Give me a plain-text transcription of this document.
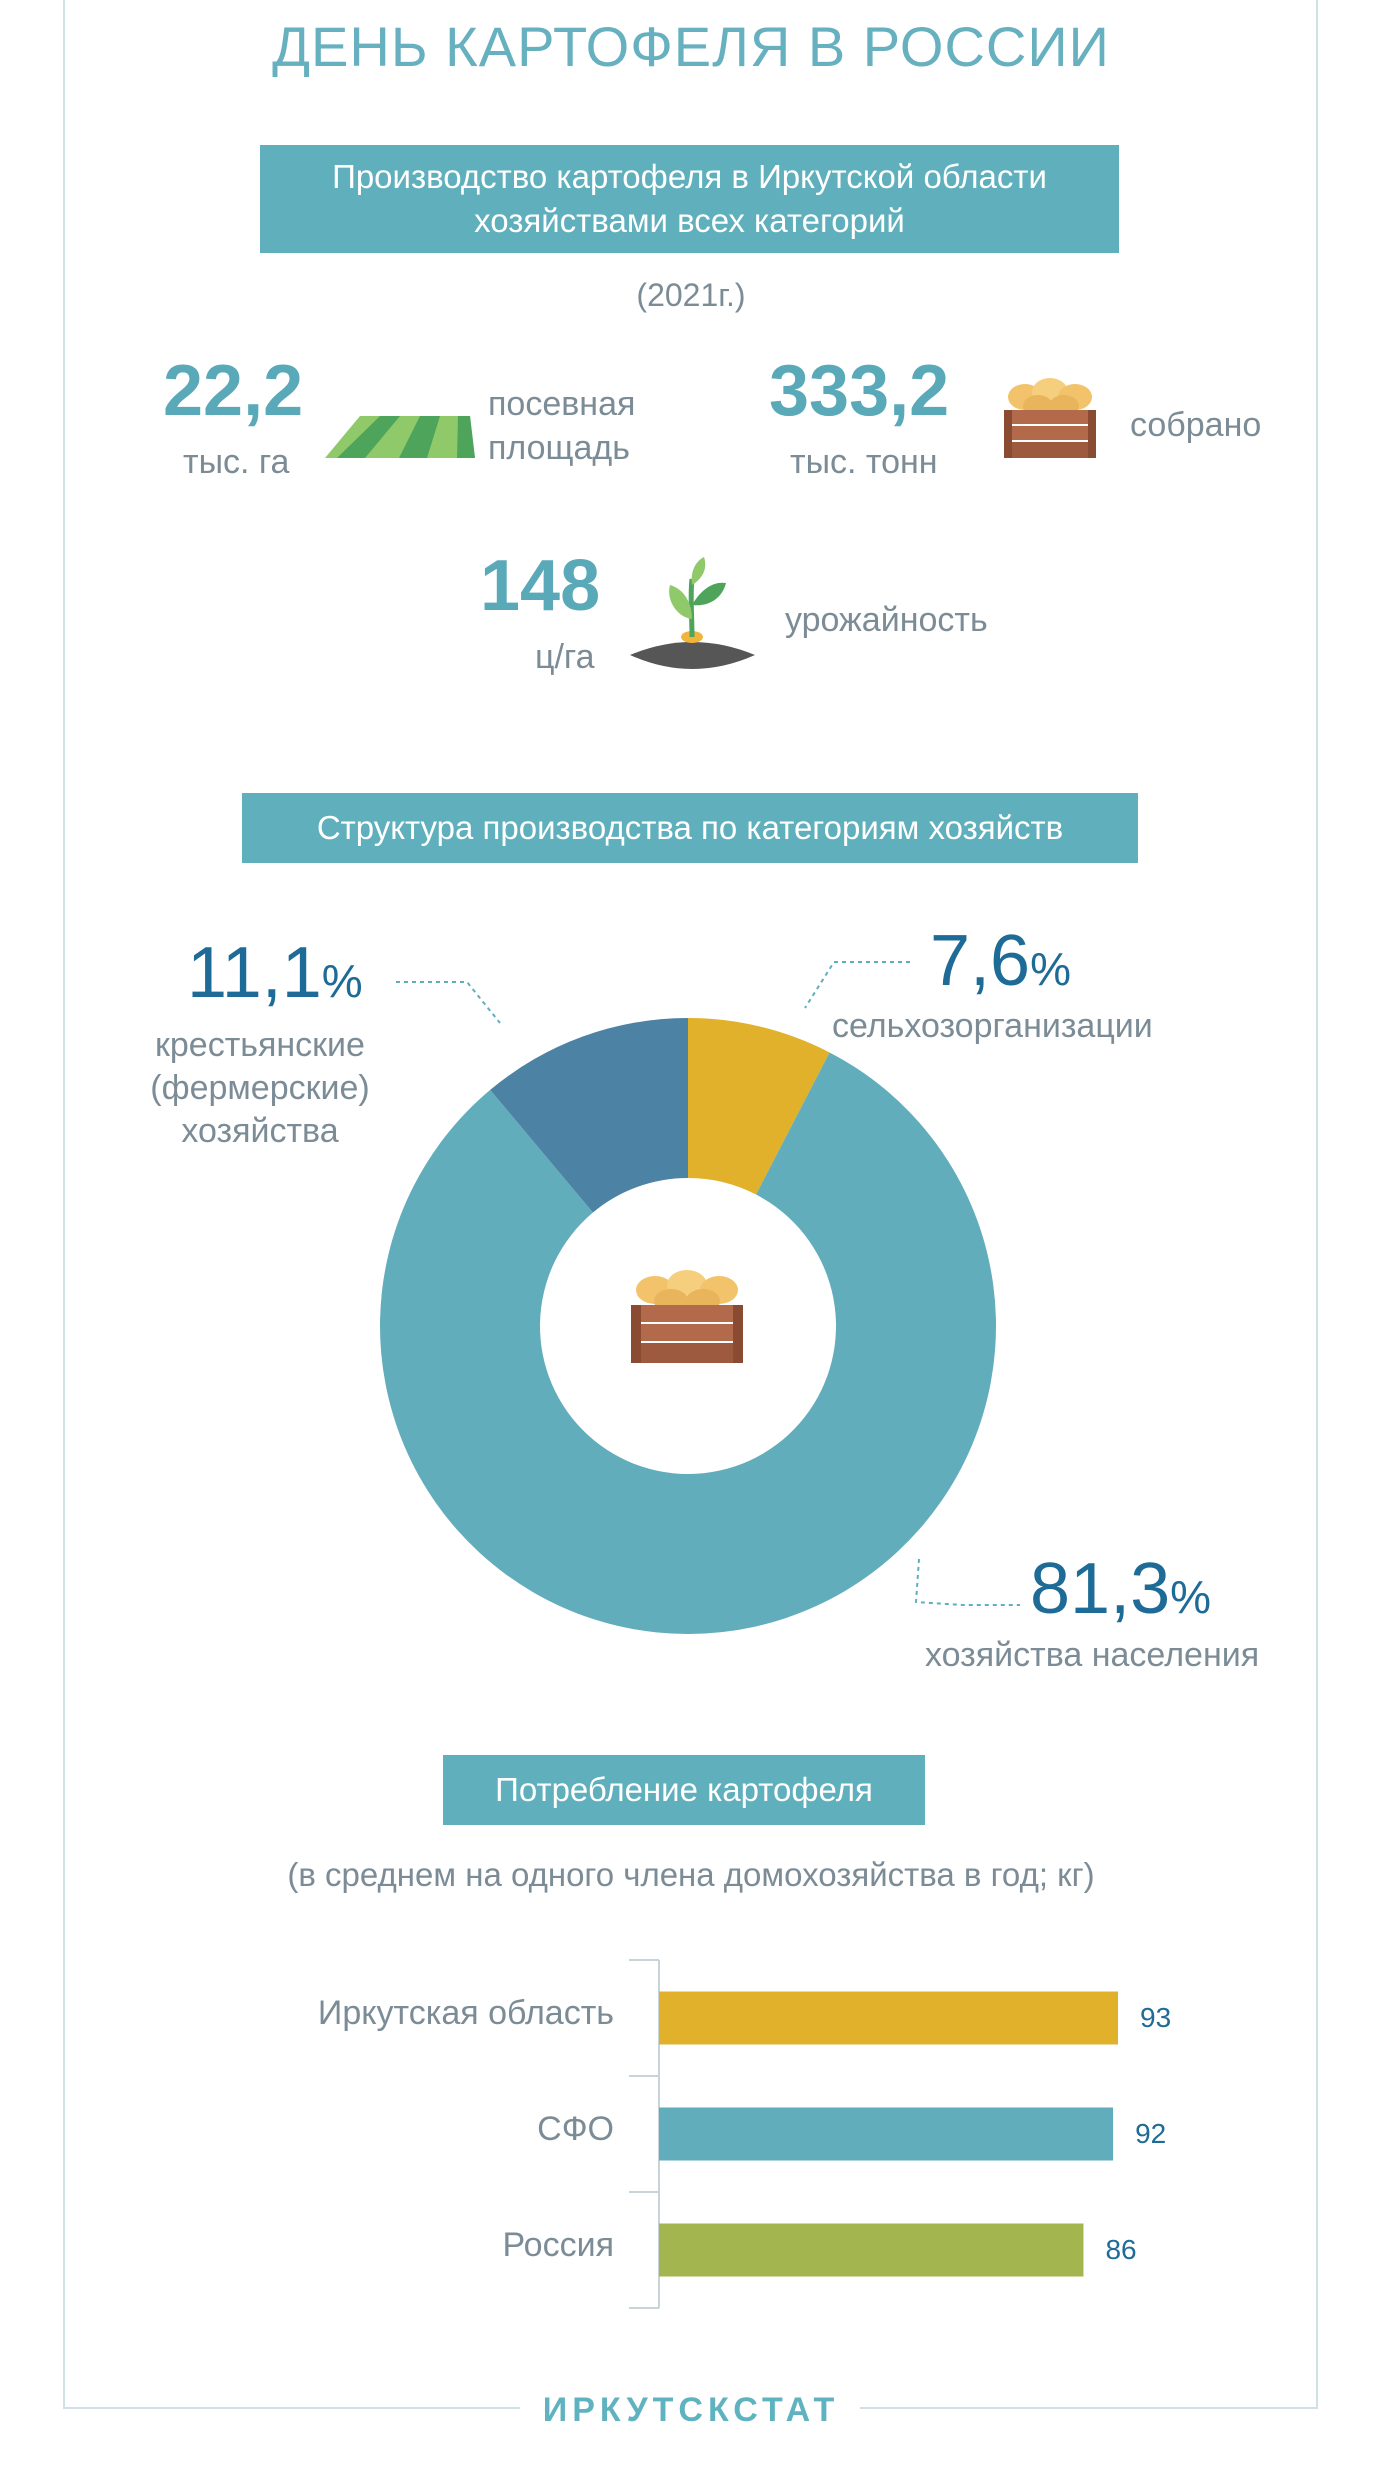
ДЕНЬ КАРТОФЕЛЯ В РОССИИ
Производство картофеля в Иркутской области
хозяйствами всех категорий
(2021г.)
22,2
тыс. га
посевная
площадь
333,2
тыс. тонн
собрано
148
ц/га
урожайность
Структура производства по категориям хозяйств
11,1%
крестьянские
(фермерские)
хозяйства
7,6%
сельхозорганизации
81,3%
хозяйства населения
Потребление картофеля
(в среднем на одного члена домохозяйства в год; кг)
93
Иркутская область
92
СФО
86
Россия
ИРКУТСКСТАТ
